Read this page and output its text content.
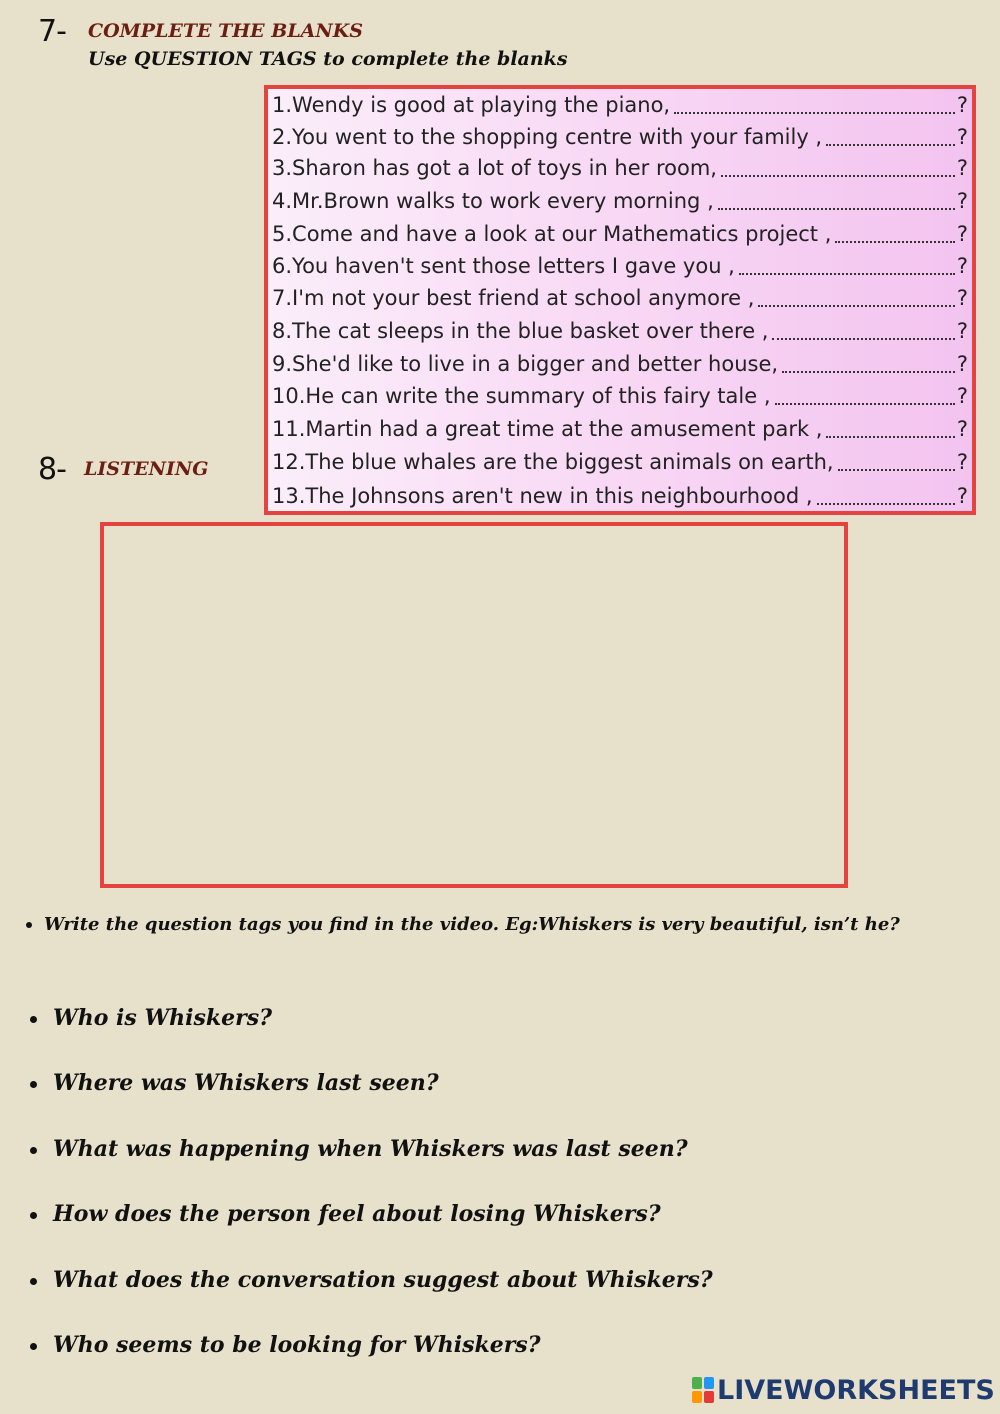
7- COMPLETE THE BLANKS
Use QUESTION TAGS to complete the blanks
1.Wendy is good at playing the piano,	?
2.You went to the shopping centre with your family ,	?
3.Sharon has got a lot of toys in her room,	?
4.Mr.Brown walks to work every morning ,	?
5.Come and have a look at our Mathematics project ,	?
6.You haven't sent those letters I gave you ,	?
7.I'm not your best friend at school anymore ,	?
8.The cat sleeps in the blue basket over there ,	?
9.She'd like to live in a bigger and better house,	?
10.He can write the summary of this fairy tale ,	?
11.Martin had a great time at the amusement park ,	?
12.The blue whales are the biggest animals on earth,	?
13.The Johnsons aren't new in this neighbourhood ,	?
8- LISTENING
Write the question tags you find in the video. Eg:Whiskers is very beautiful, isn’t he?
Who is Whiskers?
Where was Whiskers last seen?
What was happening when Whiskers was last seen?
How does the person feel about losing Whiskers?
What does the conversation suggest about Whiskers?
Who seems to be looking for Whiskers?
LIVEWORKSHEETS
